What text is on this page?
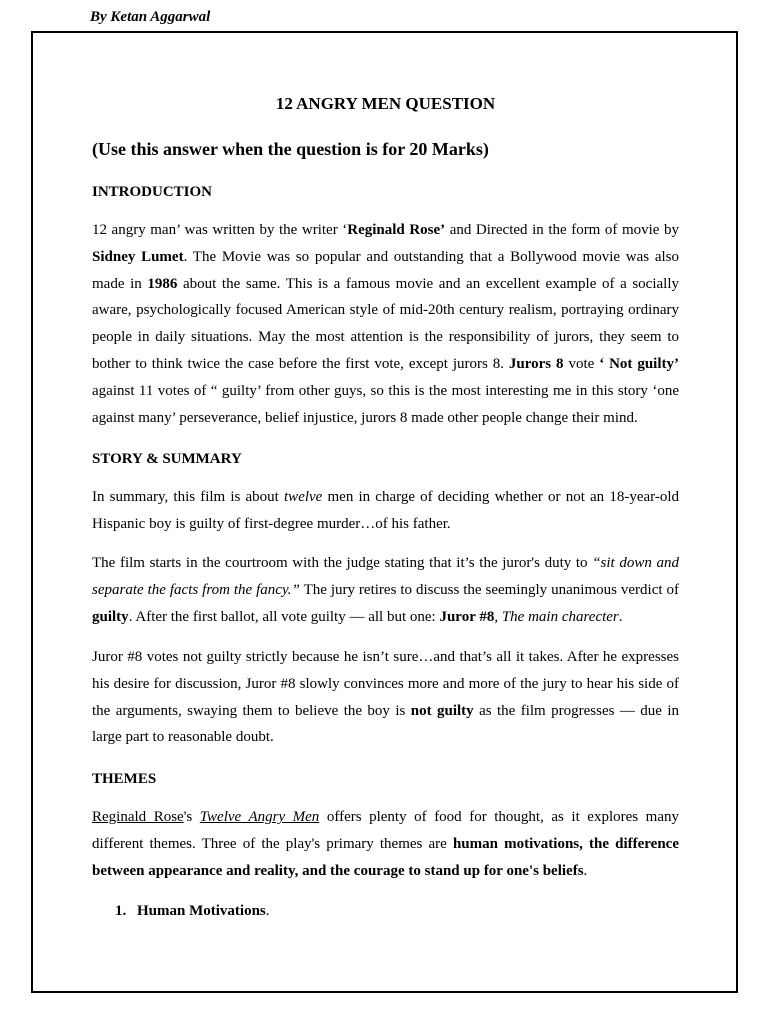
By Ketan Aggarwal
12 ANGRY MEN QUESTION
(Use this answer when the question is for 20 Marks)
INTRODUCTION

12 angry man’ was written by the writer ‘Reginald Rose’ and Directed in the form of movie by Sidney Lumet. The Movie was so popular and outstanding that a Bollywood movie was also made in 1986 about the same. This is a famous movie and an excellent example of a socially aware, psychologically focused American style of mid-20th century realism, portraying ordinary people in daily situations. May the most attention is the responsibility of jurors, they seem to bother to think twice the case before the first vote, except jurors 8. Jurors 8 vote ‘ Not guilty’ against 11 votes of “ guilty’ from other guys, so this is the most interesting me in this story ‘one against many’ perseverance, belief injustice, jurors 8 made other people change their mind.

STORY & SUMMARY

In summary, this film is about twelve men in charge of deciding whether or not an 18-year-old Hispanic boy is guilty of first-degree murder…of his father.

The film starts in the courtroom with the judge stating that it’s the juror's duty to “sit down and separate the facts from the fancy.” The jury retires to discuss the seemingly unanimous verdict of guilty. After the first ballot, all vote guilty — all but one: Juror #8, The main charecter.

Juror #8 votes not guilty strictly because he isn’t sure…and that’s all it takes. After he expresses his desire for discussion, Juror #8 slowly convinces more and more of the jury to hear his side of the arguments, swaying them to believe the boy is not guilty as the film progresses — due in large part to reasonable doubt.

THEMES

Reginald Rose's Twelve Angry Men offers plenty of food for thought, as it explores many different themes. Three of the play's primary themes are human motivations, the difference between appearance and reality, and the courage to stand up for one's beliefs.

1. Human Motivations.
